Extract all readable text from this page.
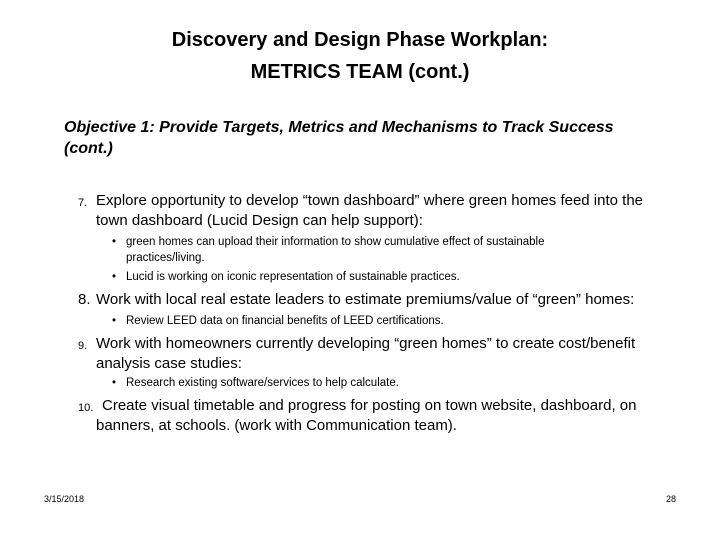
Discovery and Design Phase Workplan:
METRICS TEAM (cont.)
Objective 1: Provide Targets, Metrics and Mechanisms to Track Success
(cont.)
7. Explore opportunity to develop “town dashboard” where green homes feed into the
town dashboard (Lucid Design can help support):
• green homes can upload their information to show cumulative effect of sustainable
practices/living.
• Lucid is working on iconic representation of sustainable practices.
8. Work with local real estate leaders to estimate premiums/value of “green” homes:
• Review LEED data on financial benefits of LEED certifications.
9. Work with homeowners currently developing “green homes” to create cost/benefit
analysis case studies:
• Research existing software/services to help calculate.
10. Create visual timetable and progress for posting on town website, dashboard, on
banners, at schools. (work with Communication team).
3/15/2018	28
